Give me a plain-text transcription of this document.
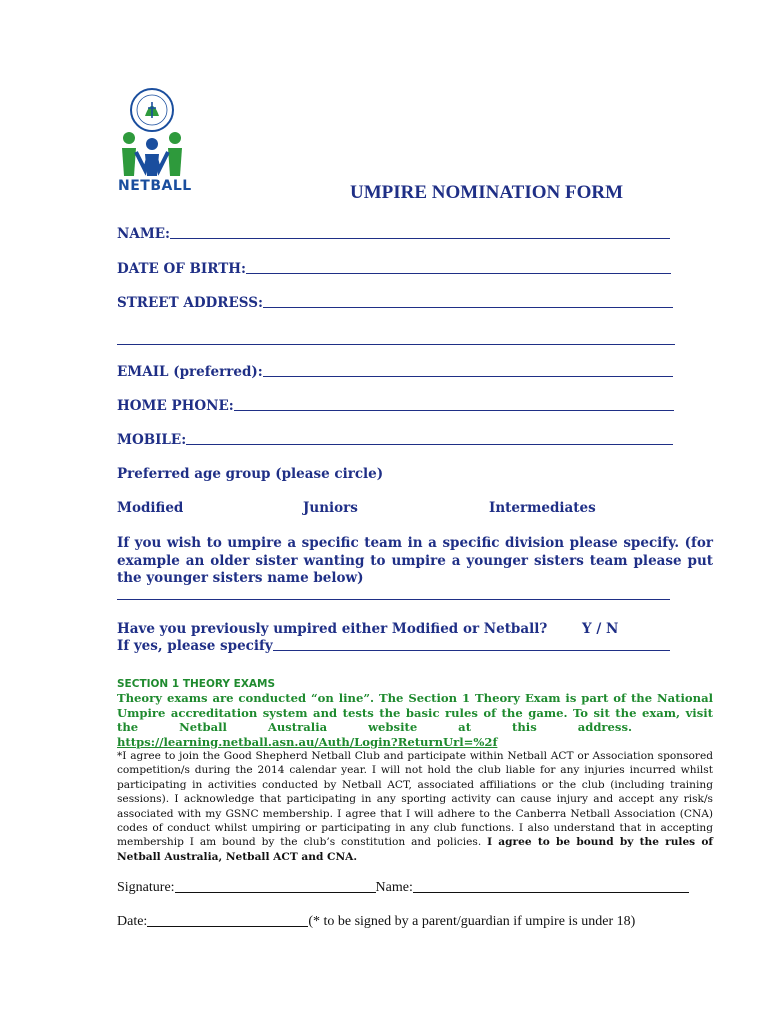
NETBALL	UMPIRE NOMINATION FORM
NAME:
DATE OF BIRTH:
STREET ADDRESS:
EMAIL (preferred):
HOME PHONE:
MOBILE:
Preferred age group (please circle)
Modified	Juniors	Intermediates
If you wish to umpire a specific team in a specific division please specify. (for example an older sister wanting to umpire a younger sisters team please put the younger sisters name below)
Have you previously umpired either Modified or Netball?	Y / N
If yes, please specify
SECTION 1 THEORY EXAMS
Theory exams are conducted “on line”. The Section 1 Theory Exam is part of the National Umpire accreditation system and tests the basic rules of the game. To sit the exam, visit the Netball Australia website at this address.  https://learning.netball.asn.au/Auth/Login?ReturnUrl=%2f
*I agree to join the Good Shepherd Netball Club and participate within Netball ACT or Association sponsored competition/s during the 2014 calendar year. I will not hold the club liable for any injuries incurred whilst participating in activities conducted by Netball ACT, associated affiliations or the club (including training sessions). I acknowledge that participating in any sporting activity can cause injury and accept any risk/s associated with my GSNC membership. I agree that I will adhere to the Canberra Netball Association (CNA) codes of conduct whilst umpiring or participating in any club functions. I also understand that in accepting membership I am bound by the club’s constitution and policies. I agree to be bound by the rules of Netball Australia, Netball ACT and CNA.
Signature:	Name:
Date:	(* to be signed by a parent/guardian if umpire is under 18)
